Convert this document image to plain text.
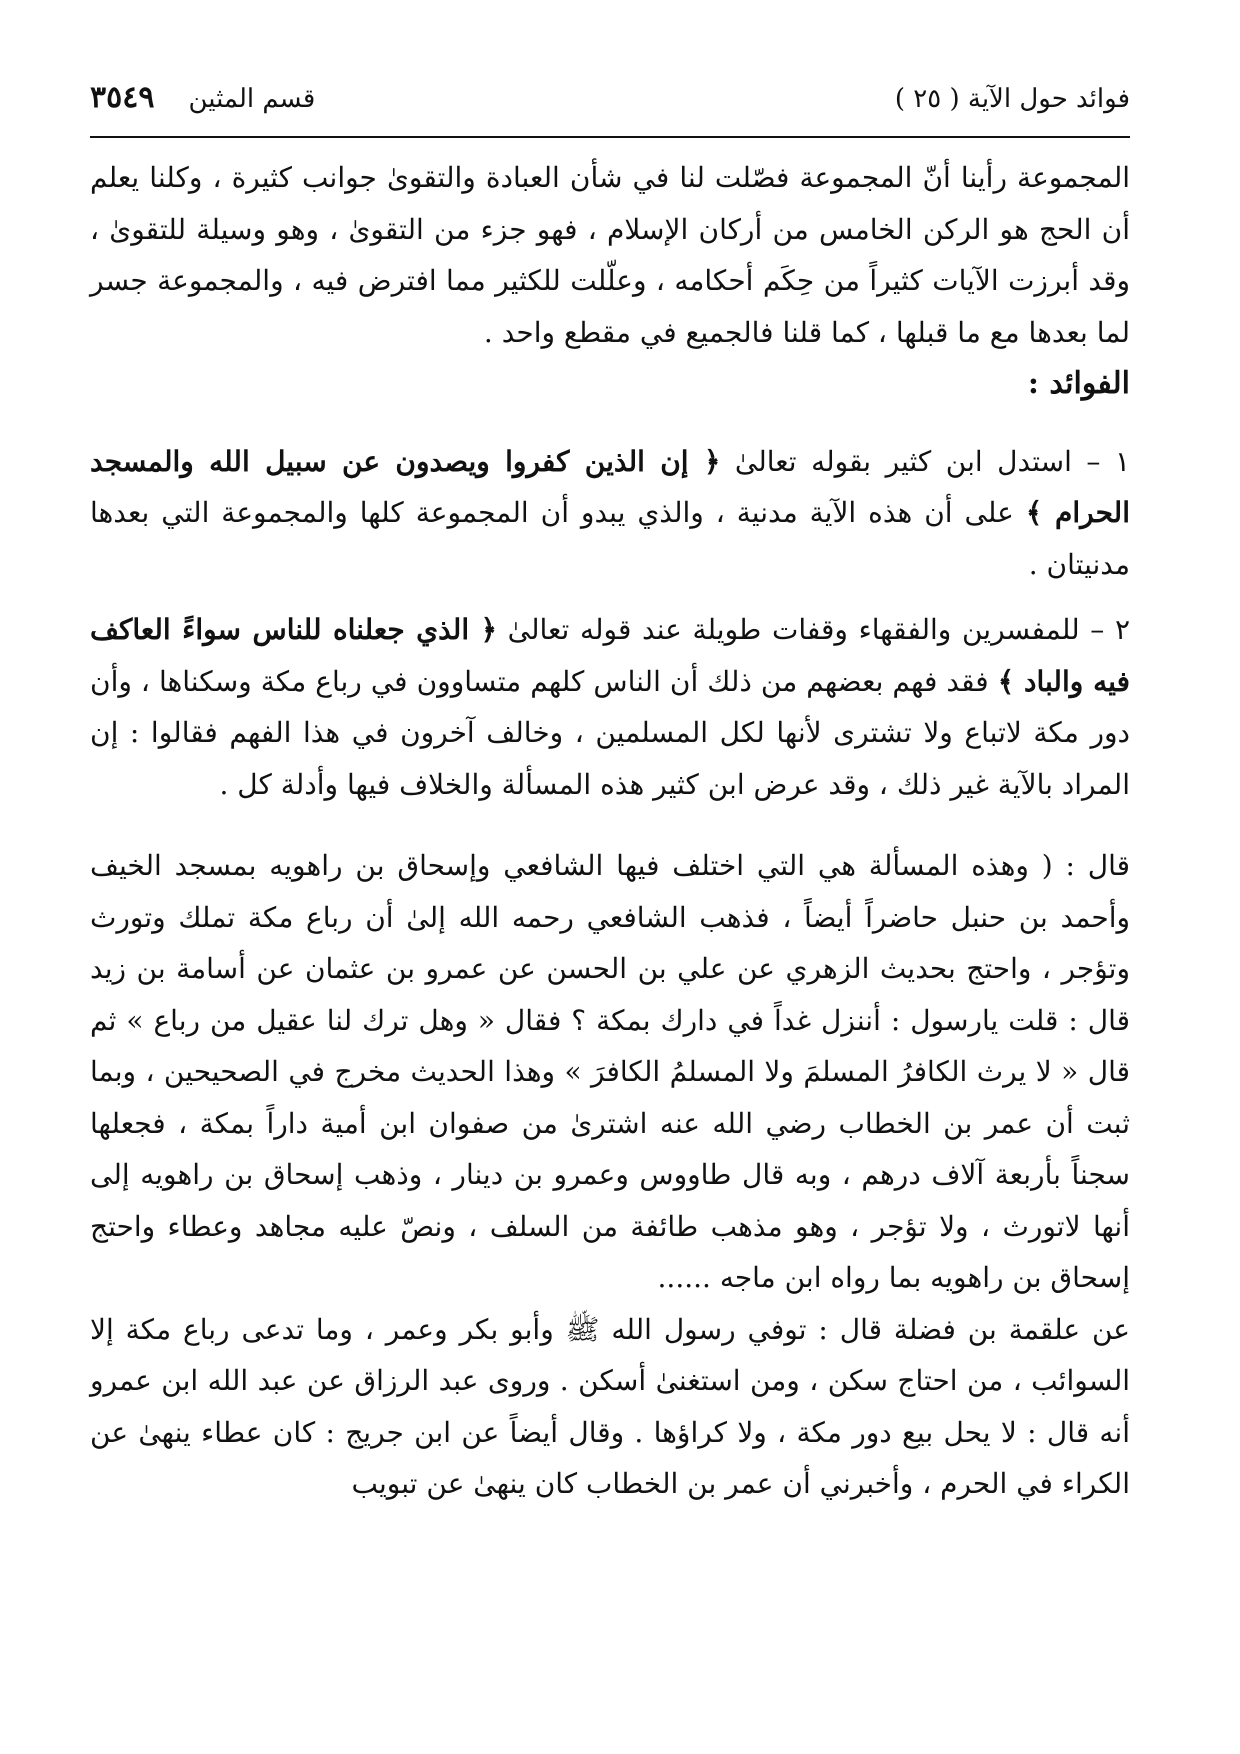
فوائد حول الآية ( ٢٥ )
قسم المثين
٣٥٤٩

المجموعة رأينا أنّ المجموعة فصّلت لنا في شأن العبادة والتقوىٰ جوانب كثيرة ، وكلنا يعلم أن الحج هو الركن الخامس من أركان الإسلام ، فهو جزء من التقوىٰ ، وهو وسيلة للتقوىٰ ، وقد أبرزت الآيات كثيراً من حِكَم أحكامه ، وعلّلت للكثير مما افترض فيه ، والمجموعة جسر لما بعدها مع ما قبلها ، كما قلنا فالجميع في مقطع واحد .

الفوائد :

١ – استدل ابن كثير بقوله تعالىٰ ﴿ إن الذين كفروا ويصدون عن سبيل الله والمسجد الحرام ﴾ على أن هذه الآية مدنية ، والذي يبدو أن المجموعة كلها والمجموعة التي بعدها مدنيتان .

٢ – للمفسرين والفقهاء وقفات طويلة عند قوله تعالىٰ ﴿ الذي جعلناه للناس سواءً العاكف فيه والباد ﴾ فقد فهم بعضهم من ذلك أن الناس كلهم متساوون في رباع مكة وسكناها ، وأن دور مكة لاتباع ولا تشترى لأنها لكل المسلمين ، وخالف آخرون في هذا الفهم فقالوا : إن المراد بالآية غير ذلك ، وقد عرض ابن كثير هذه المسألة والخلاف فيها وأدلة كل .

قال : ( وهذه المسألة هي التي اختلف فيها الشافعي وإسحاق بن راهويه بمسجد الخيف وأحمد بن حنبل حاضراً أيضاً ، فذهب الشافعي رحمه الله إلىٰ أن رباع مكة تملك وتورث وتؤجر ، واحتج بحديث الزهري عن علي بن الحسن عن عمرو بن عثمان عن أسامة بن زيد قال : قلت يارسول : أننزل غداً في دارك بمكة ؟ فقال « وهل ترك لنا عقيل من رباع » ثم قال « لا يرث الكافرُ المسلمَ ولا المسلمُ الكافرَ » وهذا الحديث مخرج في الصحيحين ، وبما ثبت أن عمر بن الخطاب رضي الله عنه اشترىٰ من صفوان ابن أمية داراً بمكة ، فجعلها سجناً بأربعة آلاف درهم ، وبه قال طاووس وعمرو بن دينار ، وذهب إسحاق بن راهويه إلى أنها لاتورث ، ولا تؤجر ، وهو مذهب طائفة من السلف ، ونصّ عليه مجاهد وعطاء واحتج إسحاق بن راهويه بما رواه ابن ماجه ......

عن علقمة بن فضلة قال : توفي رسول الله ﷺ وأبو بكر وعمر ، وما تدعى رباع مكة إلا السوائب ، من احتاج سكن ، ومن استغنىٰ أسكن . وروى عبد الرزاق عن عبد الله ابن عمرو أنه قال : لا يحل بيع دور مكة ، ولا كراؤها . وقال أيضاً عن ابن جريج : كان عطاء ينهىٰ عن الكراء في الحرم ، وأخبرني أن عمر بن الخطاب كان ينهىٰ عن تبويب
